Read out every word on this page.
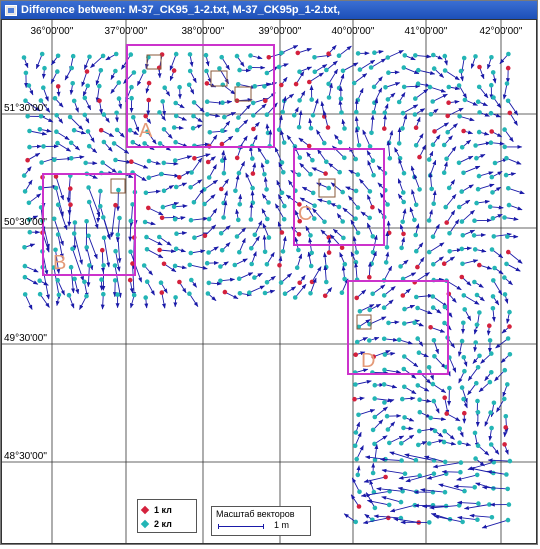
Difference between: M-37_CK95_1-2.txt, M-37_CK95p_1-2.txt,
A
B
C
D
36°00'00''	37°00'00''	38°00'00''	39°00'00''	40°00'00''	41°00'00''	42°00'00''
51°30'00''
50°30'00''
49°30'00''
48°30'00''
1 кл
2 кл
Масштаб векторов
1 m
